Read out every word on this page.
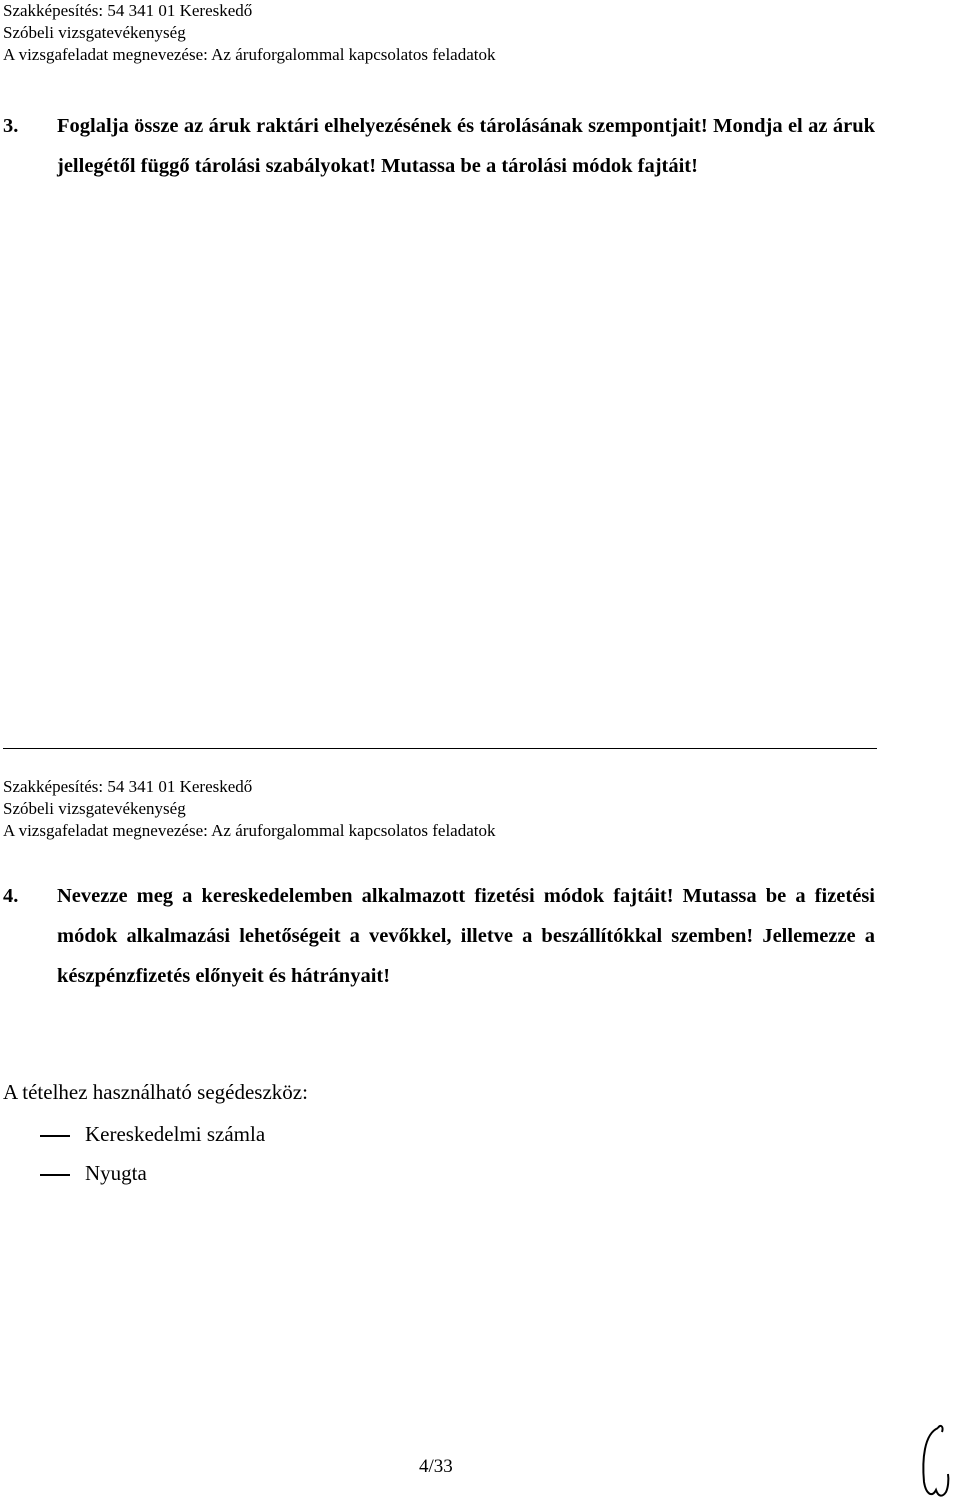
Szakképesítés: 54 341 01 Kereskedő
Szóbeli vizsgatevékenység
A vizsgafeladat megnevezése: Az áruforgalommal kapcsolatos feladatok
3. Foglalja össze az áruk raktári elhelyezésének és tárolásának szempontjait! Mondja el az áruk jellegétől függő tárolási szabályokat! Mutassa be a tárolási módok fajtáit!
Szakképesítés: 54 341 01 Kereskedő
Szóbeli vizsgatevékenység
A vizsgafeladat megnevezése: Az áruforgalommal kapcsolatos feladatok
4. Nevezze meg a kereskedelemben alkalmazott fizetési módok fajtáit! Mutassa be a fizetési módok alkalmazási lehetőségeit a vevőkkel, illetve a beszállítókkal szemben! Jellemezze a készpénzfizetés előnyeit és hátrányait!
A tételhez használható segédeszköz:
Kereskedelmi számla
Nyugta
4/33
